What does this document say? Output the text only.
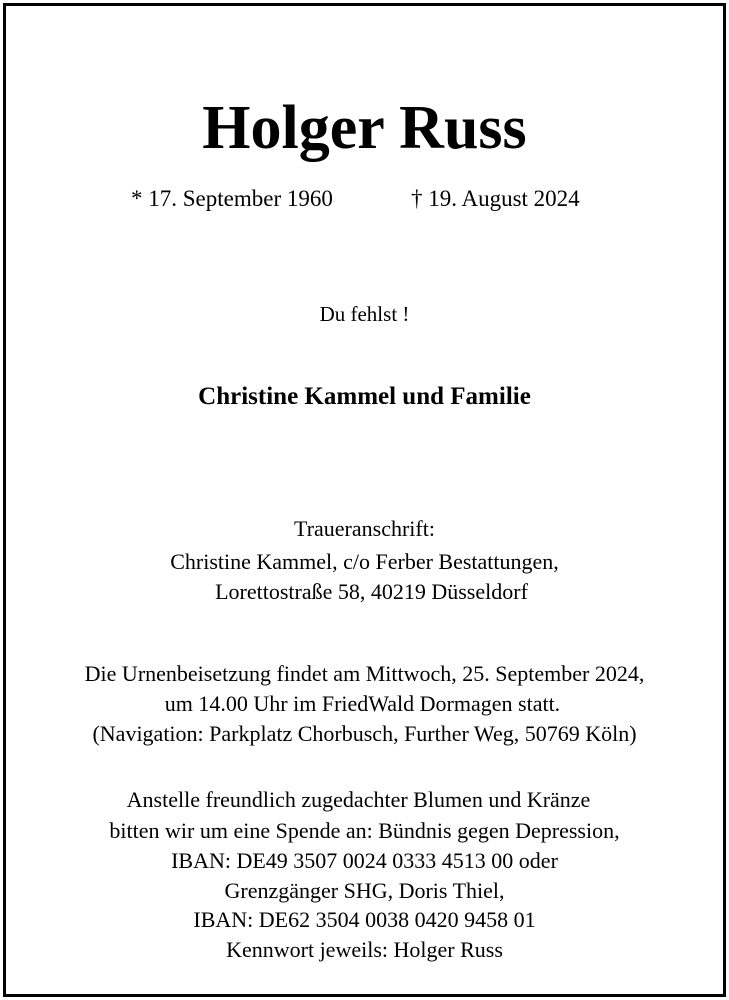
Holger Russ
* 17. September 1960	† 19. August 2024
Du fehlst !
Christine Kammel und Familie
Traueranschrift:
Christine Kammel, c/o Ferber Bestattungen,
Lorettostraße 58, 40219 Düsseldorf
Die Urnenbeisetzung findet am Mittwoch, 25. September 2024,
um 14.00 Uhr im FriedWald Dormagen statt.
(Navigation: Parkplatz Chorbusch, Further Weg, 50769 Köln)
Anstelle freundlich zugedachter Blumen und Kränze
bitten wir um eine Spende an: Bündnis gegen Depression,
IBAN: DE49 3507 0024 0333 4513 00 oder
Grenzgänger SHG, Doris Thiel,
IBAN: DE62 3504 0038 0420 9458 01
Kennwort jeweils: Holger Russ
